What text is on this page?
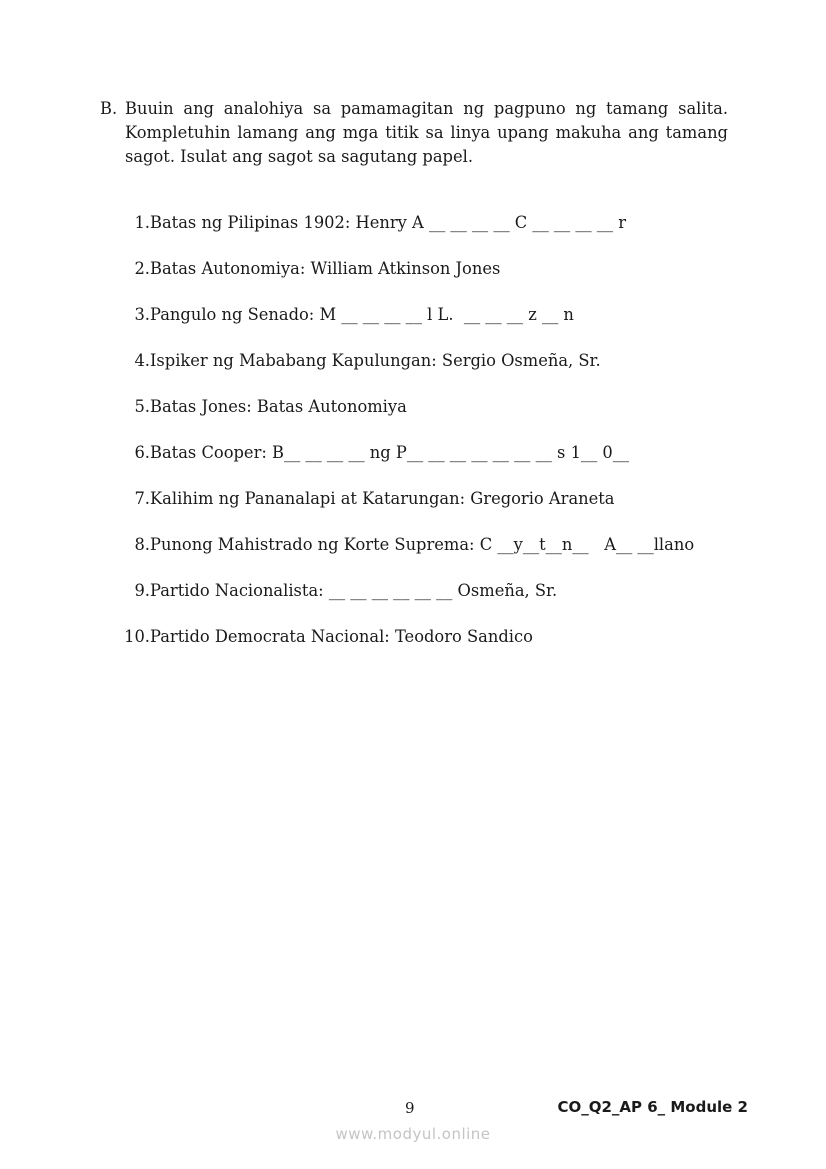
B. Buuin ang analohiya sa pamamagitan ng pagpuno ng tamang salita. Kompletuhin lamang ang mga titik sa linya upang makuha ang tamang sagot. Isulat ang sagot sa sagutang papel.
1. Batas ng Pilipinas 1902: Henry A __ __ __ __ C __ __ __ __ r
2. Batas Autonomiya: William Atkinson Jones
3. Pangulo ng Senado: M __ __ __ __ l L.  __ __ __ z __ n
4. Ispiker ng Mababang Kapulungan: Sergio Osmeña, Sr.
5. Batas Jones: Batas Autonomiya
6. Batas Cooper: B__ __ __ __ ng P__ __ __ __ __ __ __ s 1__ 0__
7. Kalihim ng Pananalapi at Katarungan: Gregorio Araneta
8. Punong Mahistrado ng Korte Suprema: C __y__t__n__   A__ __llano
9. Partido Nacionalista: __ __ __ __ __ __ Osmeña, Sr.
10. Partido Democrata Nacional: Teodoro Sandico
9	CO_Q2_AP 6_ Module 2
www.modyul.online
